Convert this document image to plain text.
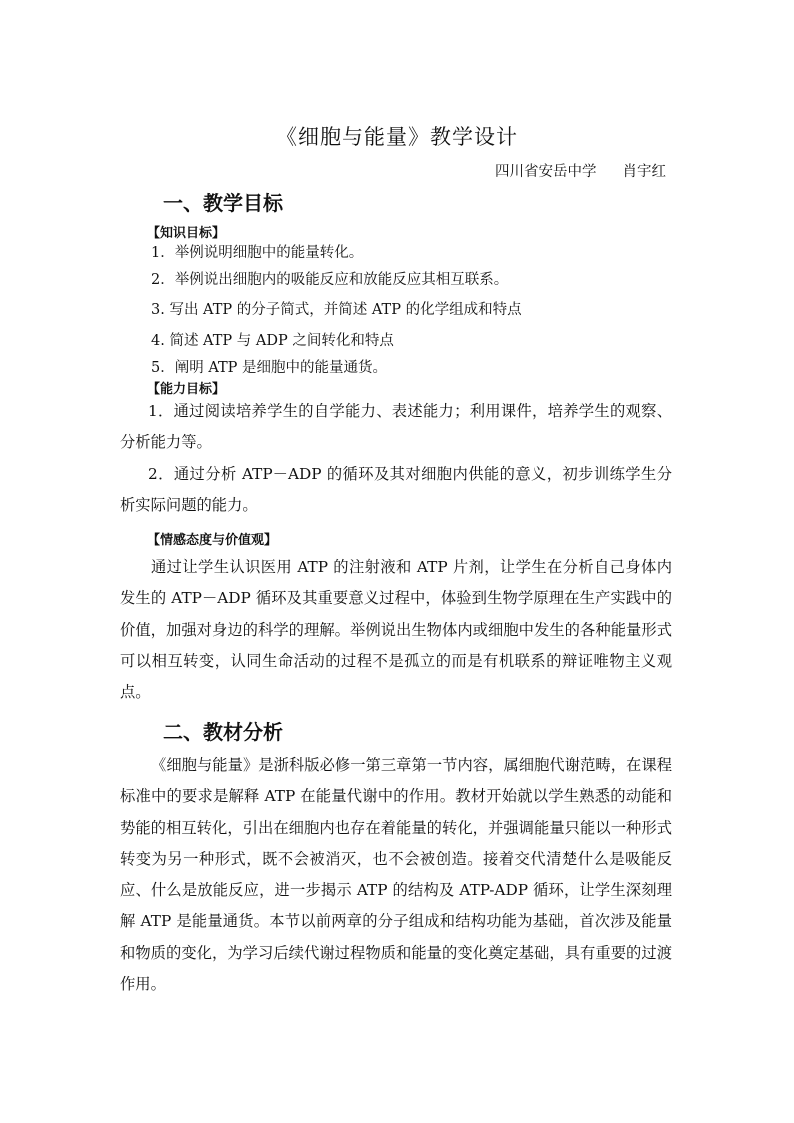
《细胞与能量》教学设计
四川省安岳中学 肖宇红
一、教学目标
【知识目标】
1．举例说明细胞中的能量转化。
2．举例说出细胞内的吸能反应和放能反应其相互联系。
3. 写出 ATP 的分子简式，并简述 ATP 的化学组成和特点
4. 简述 ATP 与 ADP 之间转化和特点
5．阐明 ATP 是细胞中的能量通货。
【能力目标】

1．通过阅读培养学生的自学能力、表述能力；利用课件，培养学生的观察、分析能力等。

2．通过分析 ATP－ADP 的循环及其对细胞内供能的意义，初步训练学生分析实际问题的能力。

【情感态度与价值观】

通过让学生认识医用 ATP 的注射液和 ATP 片剂，让学生在分析自己身体内发生的 ATP－ADP 循环及其重要意义过程中，体验到生物学原理在生产实践中的价值，加强对身边的科学的理解。举例说出生物体内或细胞中发生的各种能量形式可以相互转变，认同生命活动的过程不是孤立的而是有机联系的辩证唯物主义观点。

二、教材分析

《细胞与能量》是浙科版必修一第三章第一节内容，属细胞代谢范畴，在课程标准中的要求是解释 ATP 在能量代谢中的作用。教材开始就以学生熟悉的动能和势能的相互转化，引出在细胞内也存在着能量的转化，并强调能量只能以一种形式转变为另一种形式，既不会被消灭，也不会被创造。接着交代清楚什么是吸能反应、什么是放能反应，进一步揭示 ATP 的结构及 ATP-ADP 循环，让学生深刻理解 ATP 是能量通货。本节以前两章的分子组成和结构功能为基础，首次涉及能量和物质的变化，为学习后续代谢过程物质和能量的变化奠定基础，具有重要的过渡作用。
